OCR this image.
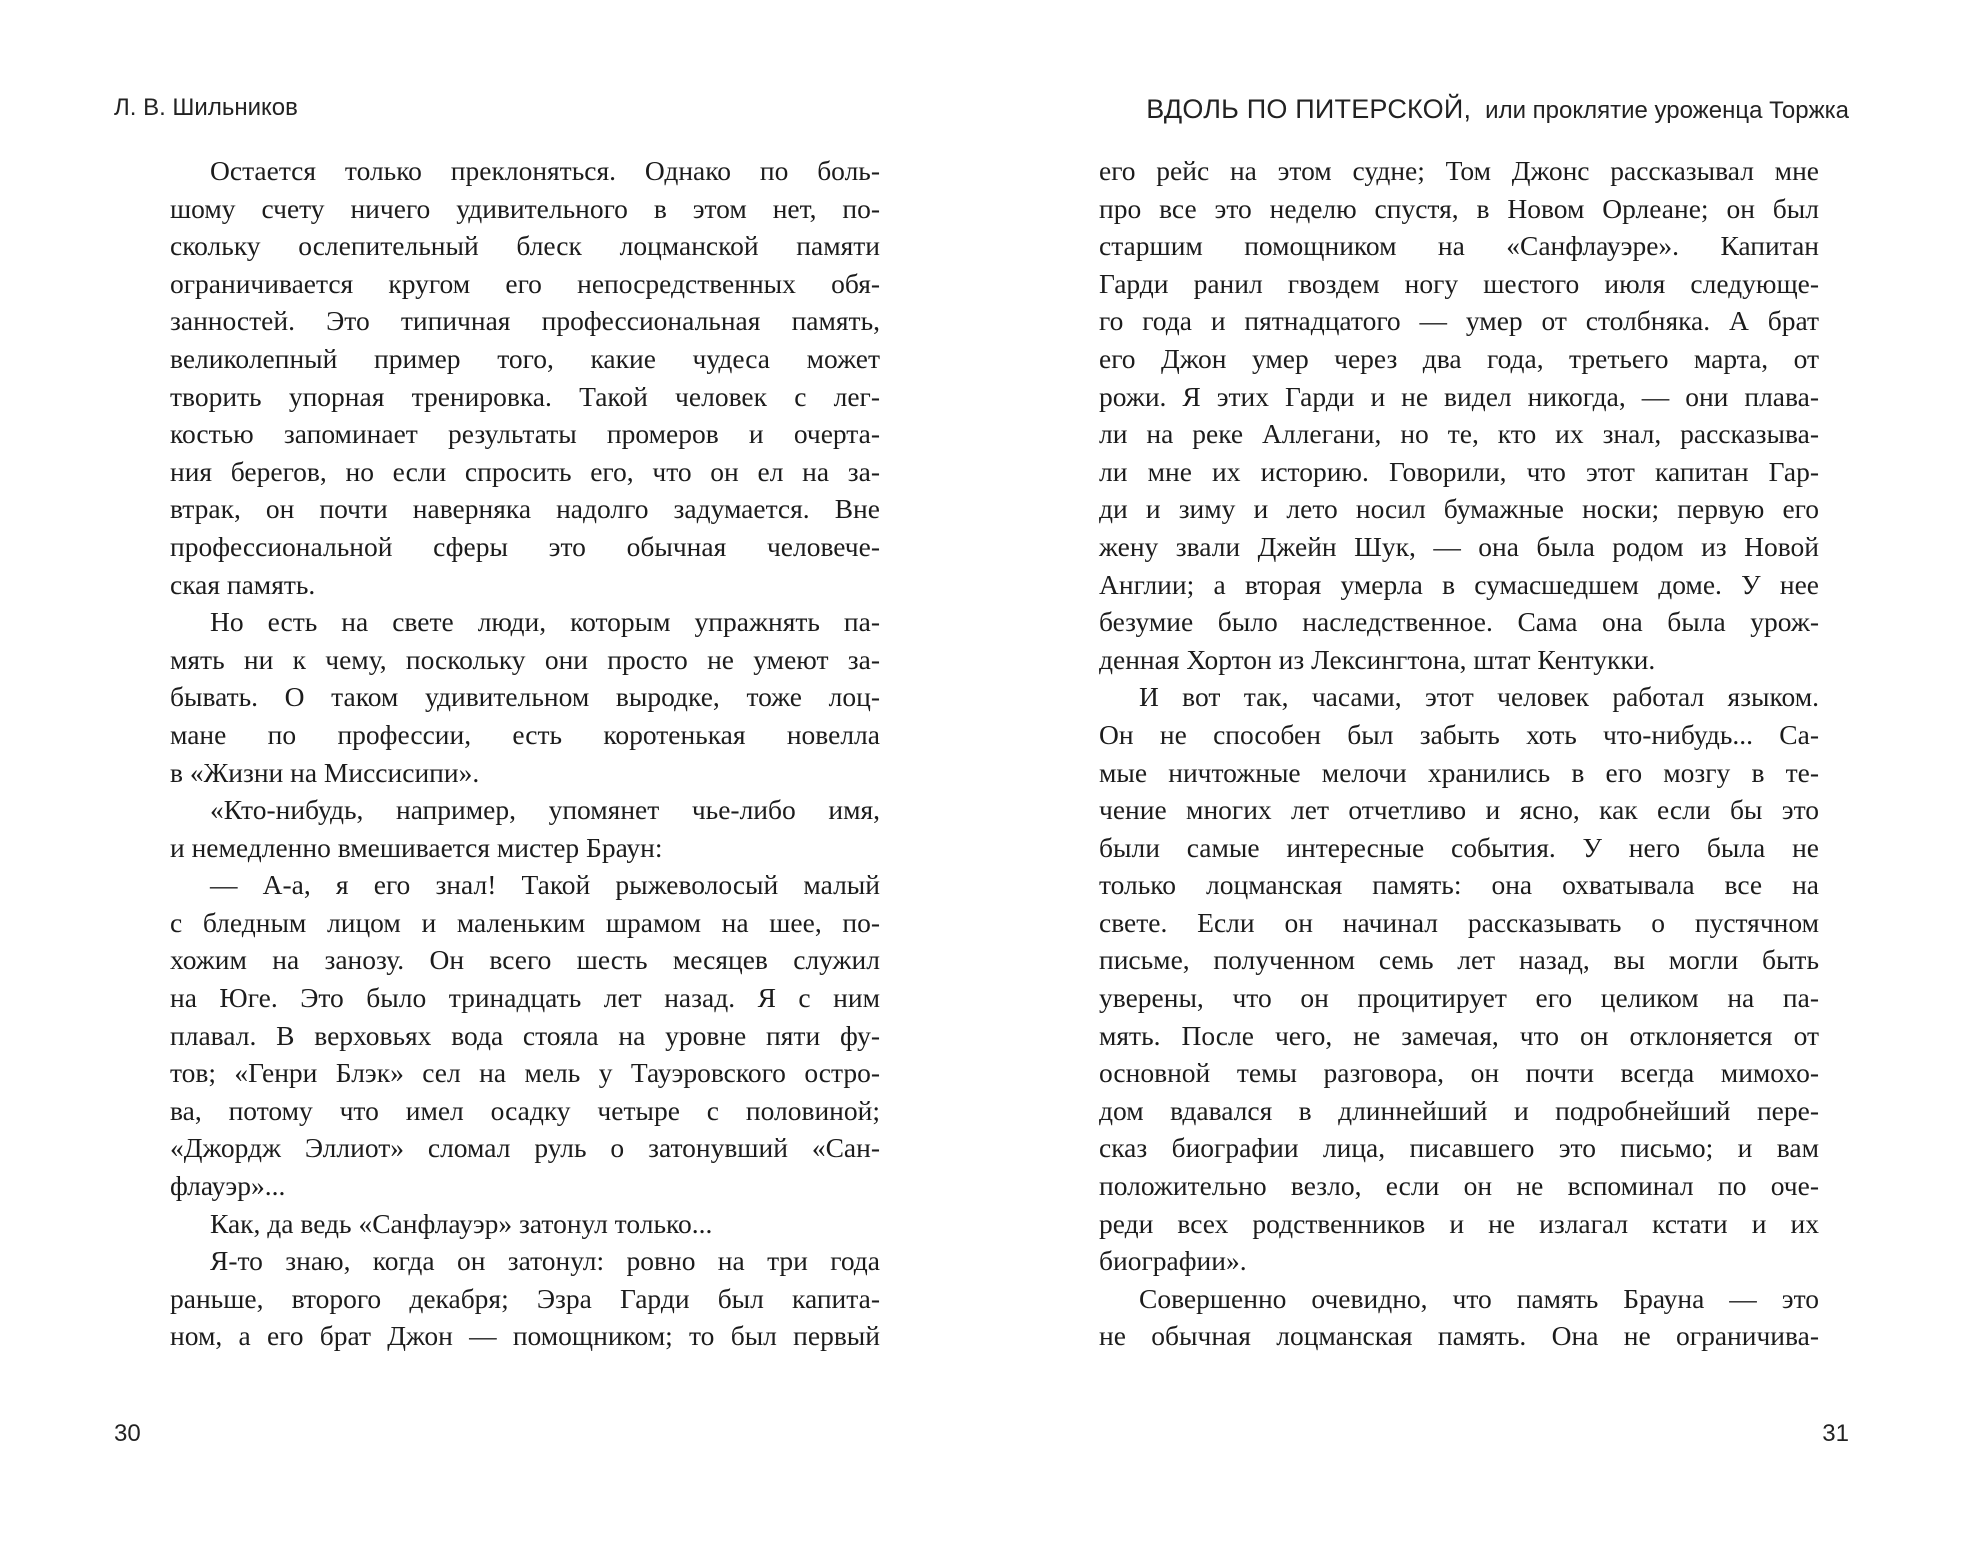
Л. В. Шильников
Остается только преклоняться. Однако по боль-
шому счету ничего удивительного в этом нет, по-
скольку ослепительный блеск лоцманской памяти
ограничивается кругом его непосредственных обя-
занностей. Это типичная профессиональная память,
великолепный пример того, какие чудеса может
творить упорная тренировка. Такой человек с лег-
костью запоминает результаты промеров и очерта-
ния берегов, но если спросить его, что он ел на за-
втрак, он почти наверняка надолго задумается. Вне
профессиональной сферы это обычная человече-
ская память.
Но есть на свете люди, которым упражнять па-
мять ни к чему, поскольку они просто не умеют за-
бывать. О таком удивительном выродке, тоже лоц-
мане по профессии, есть коротенькая новелла
в «Жизни на Миссисипи».
«Кто-нибудь, например, упомянет чье-либо имя,
и немедленно вмешивается мистер Браун:
— А-а, я его знал! Такой рыжеволосый малый
с бледным лицом и маленьким шрамом на шее, по-
хожим на занозу. Он всего шесть месяцев служил
на Юге. Это было тринадцать лет назад. Я с ним
плавал. В верховьях вода стояла на уровне пяти фу-
тов; «Генри Блэк» сел на мель у Тауэровского остро-
ва, потому что имел осадку четыре с половиной;
«Джордж Эллиот» сломал руль о затонувший «Сан-
флауэр»...
Как, да ведь «Санфлауэр» затонул только...
Я-то знаю, когда он затонул: ровно на три года
раньше, второго декабря; Эзра Гарди был капита-
ном, а его брат Джон — помощником; то был первый
30
ВДОЛЬ ПО ПИТЕРСКОЙ, или проклятие уроженца Торжка
его рейс на этом судне; Том Джонс рассказывал мне
про все это неделю спустя, в Новом Орлеане; он был
старшим помощником на «Санфлауэре». Капитан
Гарди ранил гвоздем ногу шестого июля следующе-
го года и пятнадцатого — умер от столбняка. А брат
его Джон умер через два года, третьего марта, от
рожи. Я этих Гарди и не видел никогда, — они плава-
ли на реке Аллегани, но те, кто их знал, рассказыва-
ли мне их историю. Говорили, что этот капитан Гар-
ди и зиму и лето носил бумажные носки; первую его
жену звали Джейн Шук, — она была родом из Новой
Англии; а вторая умерла в сумасшедшем доме. У нее
безумие было наследственное. Сама она была урож-
денная Хортон из Лексингтона, штат Кентукки.
И вот так, часами, этот человек работал языком.
Он не способен был забыть хоть что-нибудь... Са-
мые ничтожные мелочи хранились в его мозгу в те-
чение многих лет отчетливо и ясно, как если бы это
были самые интересные события. У него была не
только лоцманская память: она охватывала все на
свете. Если он начинал рассказывать о пустячном
письме, полученном семь лет назад, вы могли быть
уверены, что он процитирует его целиком на па-
мять. После чего, не замечая, что он отклоняется от
основной темы разговора, он почти всегда мимохо-
дом вдавался в длиннейший и подробнейший пере-
сказ биографии лица, писавшего это письмо; и вам
положительно везло, если он не вспоминал по оче-
реди всех родственников и не излагал кстати и их
биографии».
Совершенно очевидно, что память Брауна — это
не обычная лоцманская память. Она не ограничива-
31
